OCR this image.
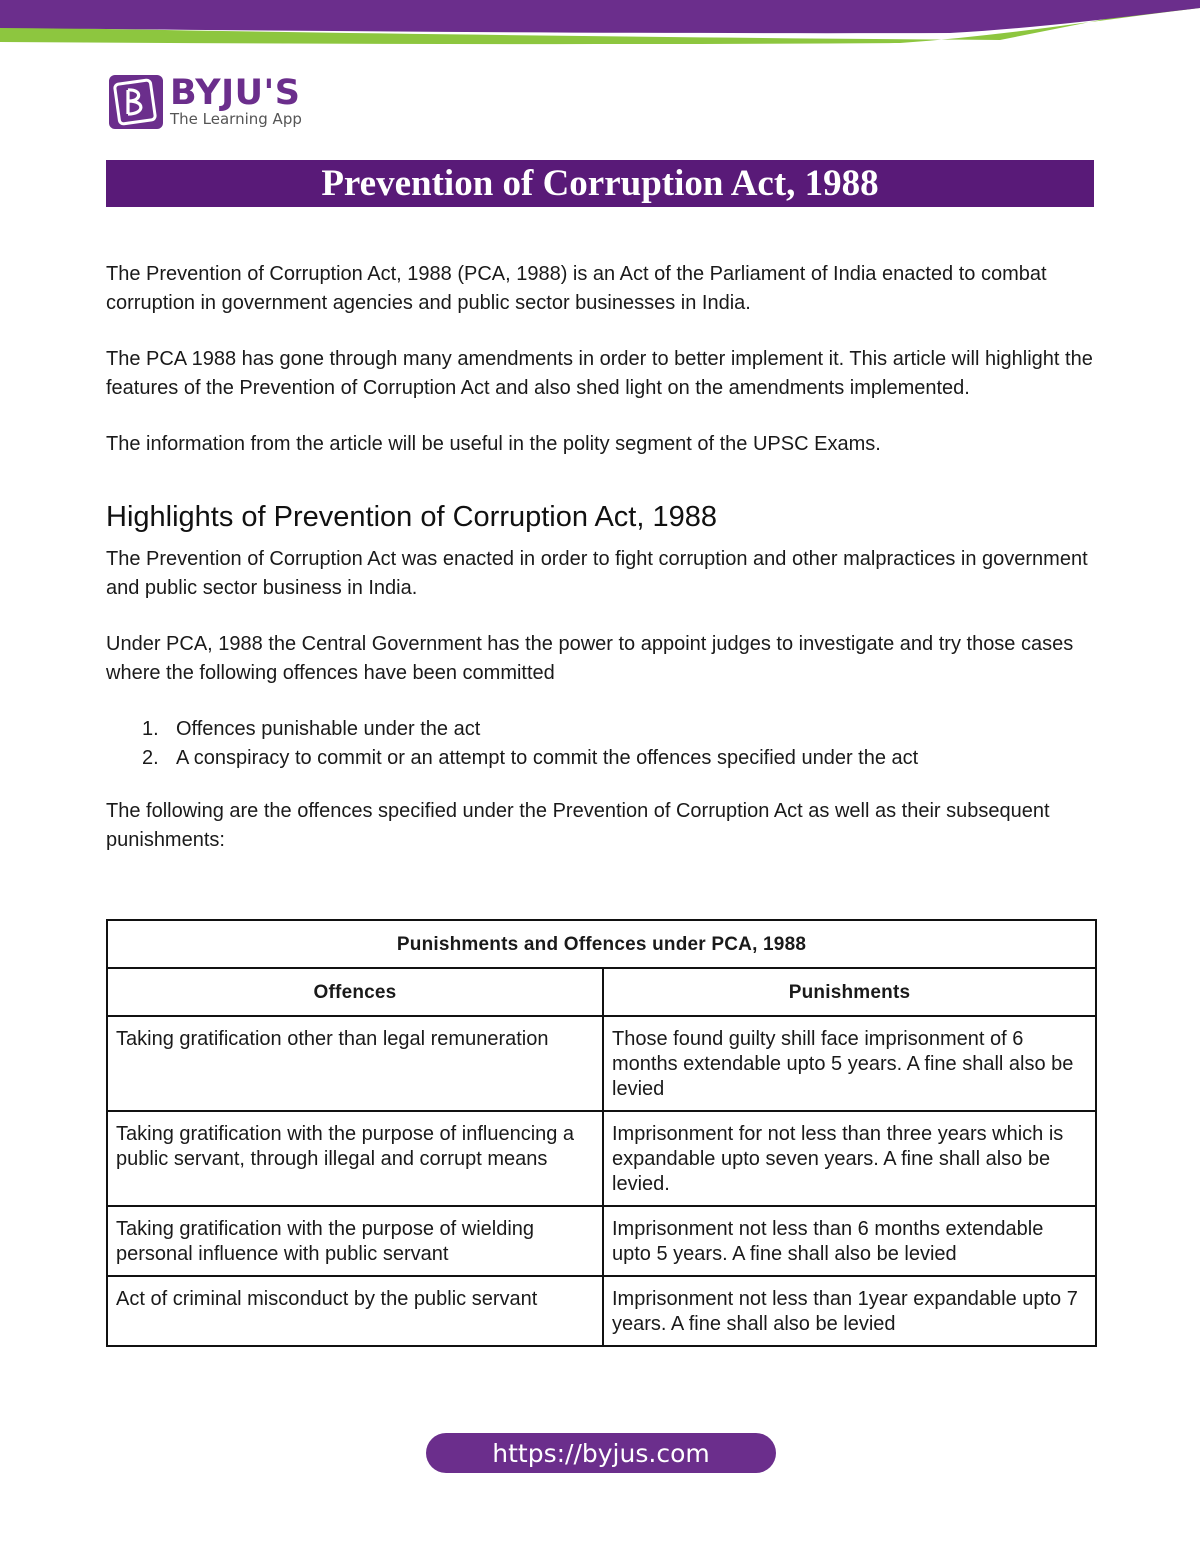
BYJU'S
The Learning App
Prevention of Corruption Act, 1988

The Prevention of Corruption Act, 1988 (PCA, 1988) is an Act of the Parliament of India enacted to combat corruption in government agencies and public sector businesses in India.

The PCA 1988 has gone through many amendments in order to better implement it. This article will highlight the features of the Prevention of Corruption Act and also shed light on the amendments implemented.

The information from the article will be useful in the polity segment of the UPSC Exams.

Highlights of Prevention of Corruption Act, 1988

The Prevention of Corruption Act was enacted in order to fight corruption and other malpractices in government and public sector business in India.

Under PCA, 1988 the Central Government has the power to appoint judges to investigate and try those cases where the following offences have been committed

1. Offences punishable under the act
2. A conspiracy to commit or an attempt to commit the offences specified under the act

The following are the offences specified under the Prevention of Corruption Act as well as their subsequent punishments:

Punishments and Offences under PCA, 1988	
Offences	Punishments
Taking gratification other than legal remuneration	Those found guilty shill face imprisonment of 6 months extendable upto 5 years. A fine shall also be levied
Taking gratification with the purpose of influencing a public servant, through illegal and corrupt means	Imprisonment for not less than three years which is expandable upto seven years. A fine shall also be levied.
Taking gratification with the purpose of wielding personal influence with public servant	Imprisonment not less than 6 months extendable upto 5 years. A fine shall also be levied
Act of criminal misconduct by the public servant	Imprisonment not less than 1year expandable upto 7 years. A fine shall also be levied
https://byjus.com
